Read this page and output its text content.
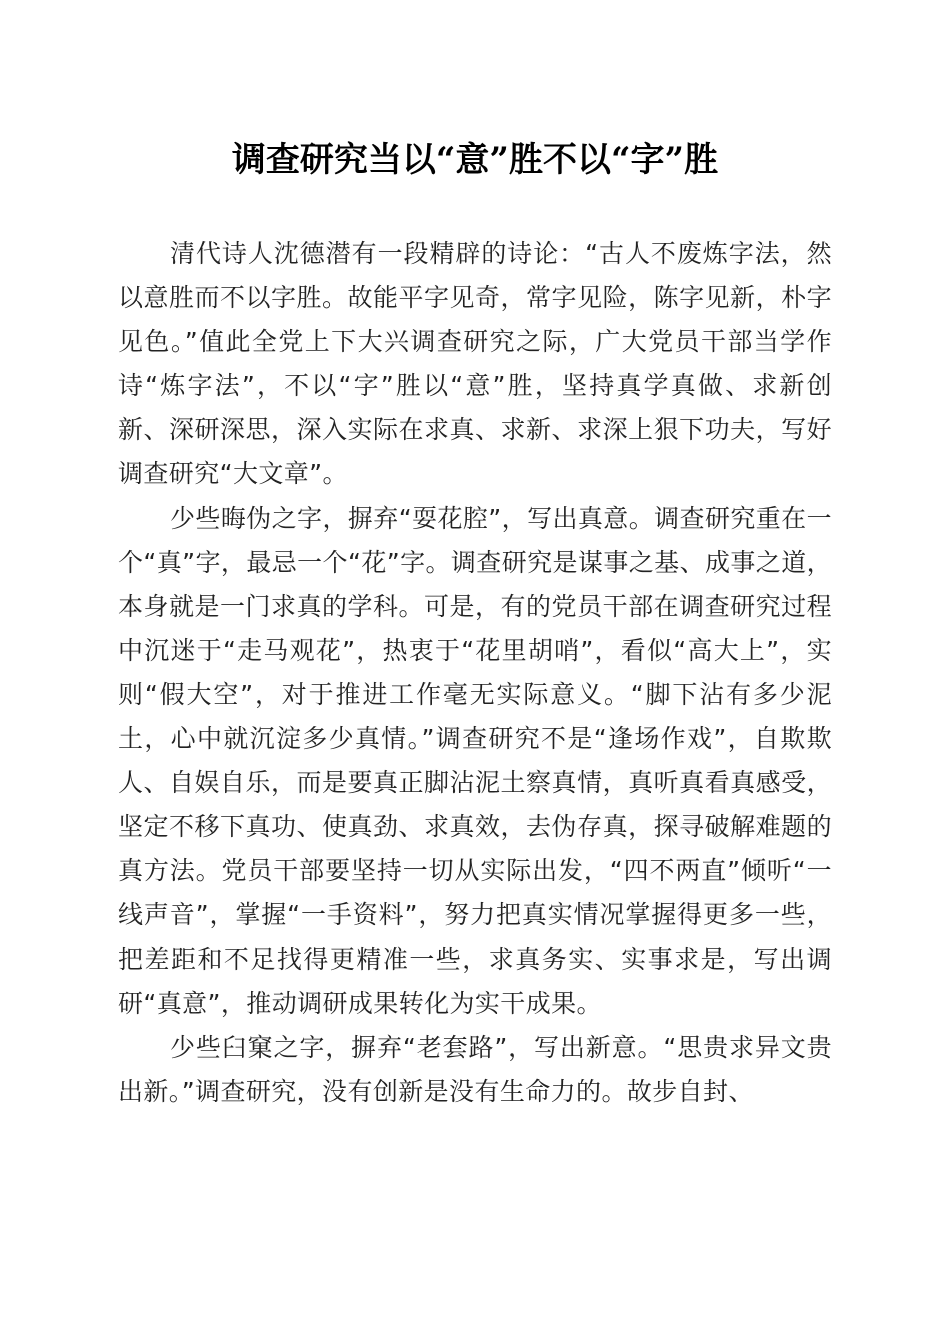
调查研究当以“意”胜不以“字”胜

清代诗人沈德潜有一段精辟的诗论：“古人不废炼字法，然以意胜而不以字胜。故能平字见奇，常字见险，陈字见新，朴字见色。”值此全党上下大兴调查研究之际，广大党员干部当学作诗“炼字法”，不以“字”胜以“意”胜，坚持真学真做、求新创新、深研深思，深入实际在求真、求新、求深上狠下功夫，写好调查研究“大文章”。

少些晦伪之字，摒弃“耍花腔”，写出真意。调查研究重在一个“真”字，最忌一个“花”字。调查研究是谋事之基、成事之道，本身就是一门求真的学科。可是，有的党员干部在调查研究过程中沉迷于“走马观花”，热衷于“花里胡哨”，看似“高大上”，实则“假大空”，对于推进工作毫无实际意义。“脚下沾有多少泥土，心中就沉淀多少真情。”调查研究不是“逢场作戏”，自欺欺人、自娱自乐，而是要真正脚沾泥土察真情，真听真看真感受，坚定不移下真功、使真劲、求真效，去伪存真，探寻破解难题的真方法。党员干部要坚持一切从实际出发，“四不两直”倾听“一线声音”，掌握“一手资料”，努力把真实情况掌握得更多一些，把差距和不足找得更精准一些，求真务实、实事求是，写出调研“真意”，推动调研成果转化为实干成果。

少些臼窠之字，摒弃“老套路”，写出新意。“思贵求异文贵出新。”调查研究，没有创新是没有生命力的。故步自封、
